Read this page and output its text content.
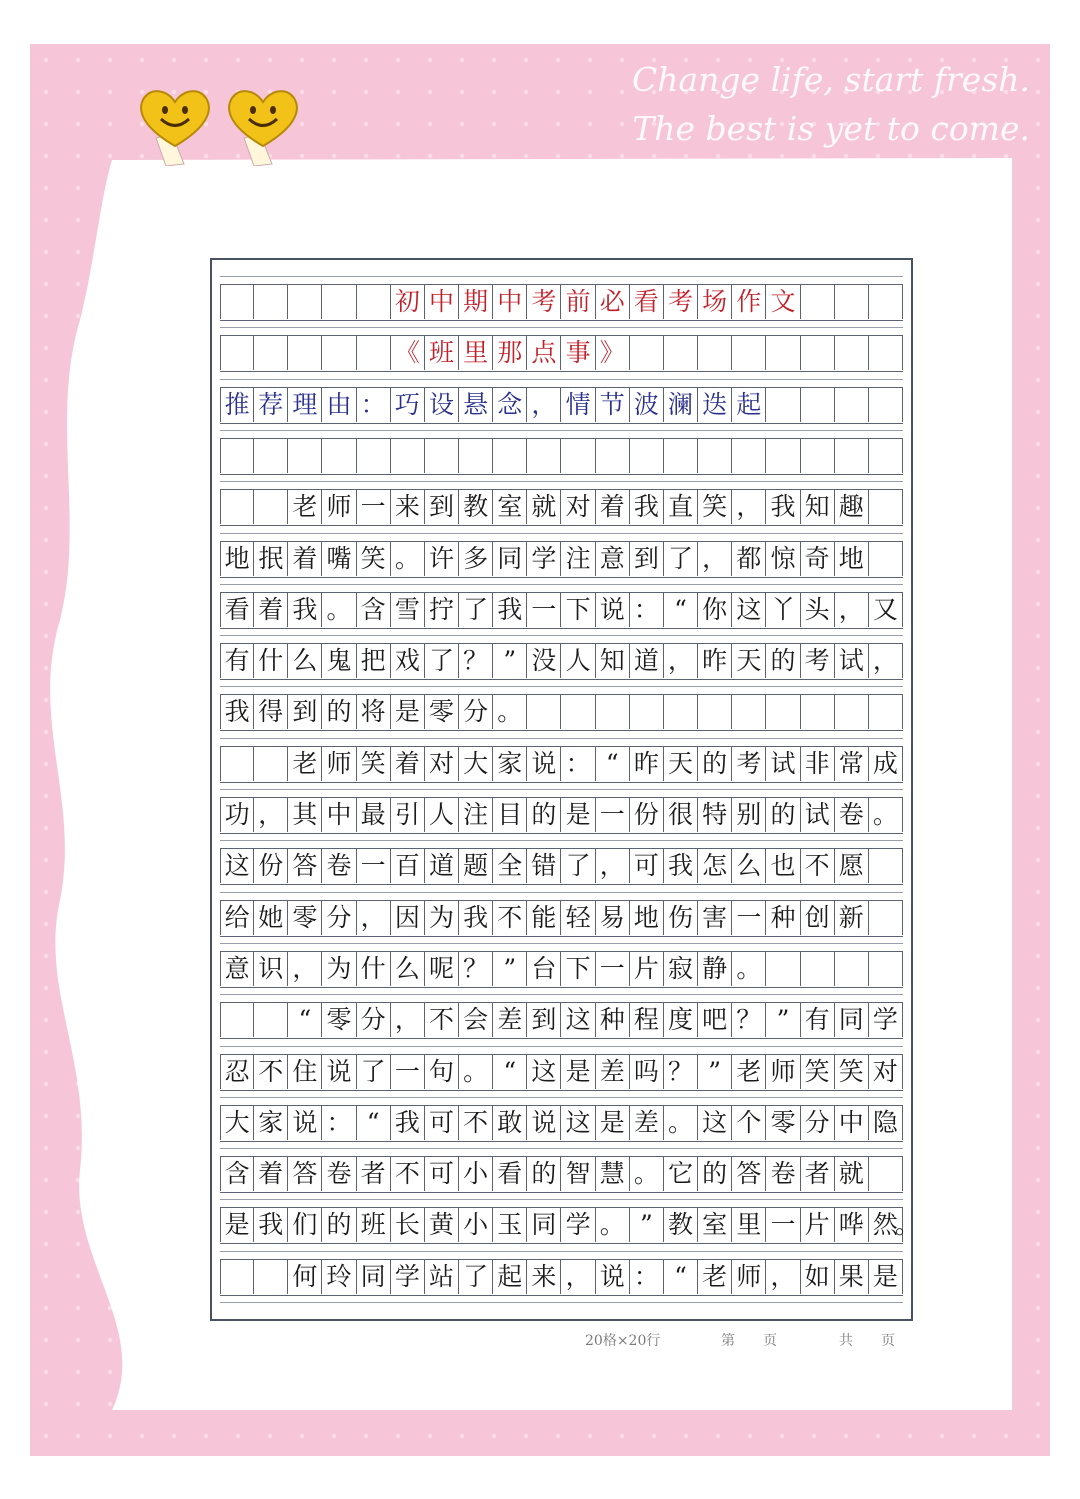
Change life, start fresh.
The best is yet to come.
初 中 期 中 考 前 必 看 考 场 作 文
《 班 里 那 点 事 》
推 荐 理 由 ： 巧 设 悬 念 ， 情 节 波 澜 迭 起
老 师 一 来 到 教 室 就 对 着 我 直 笑 ， 我 知 趣
地 抿 着 嘴 笑 。 许 多 同 学 注 意 到 了 ， 都 惊 奇 地
看 着 我 。 含 雪 拧 了 我 一 下 说 ： “ 你 这 丫 头 ， 又
有 什 么 鬼 把 戏 了 ？ ” 没 人 知 道 ， 昨 天 的 考 试 ，
我 得 到 的 将 是 零 分 。
老 师 笑 着 对 大 家 说 ： “ 昨 天 的 考 试 非 常 成
功 ， 其 中 最 引 人 注 目 的 是 一 份 很 特 别 的 试 卷 。
这 份 答 卷 一 百 道 题 全 错 了 ， 可 我 怎 么 也 不 愿
给 她 零 分 ， 因 为 我 不 能 轻 易 地 伤 害 一 种 创 新
意 识 ， 为 什 么 呢 ？ ” 台 下 一 片 寂 静 。
“ 零 分 ， 不 会 差 到 这 种 程 度 吧 ？ ” 有 同 学
忍 不 住 说 了 一 句 。 “ 这 是 差 吗 ？ ” 老 师 笑 笑 对
大 家 说 ： “ 我 可 不 敢 说 这 是 差 。 这 个 零 分 中 隐
含 着 答 卷 者 不 可 小 看 的 智 慧 。 它 的 答 卷 者 就
是 我 们 的 班 长 黄 小 玉 同 学 。 ” 教 室 里 一 片 哗 然
。
何 玲 同 学 站 了 起 来 ， 说 ： “ 老 师 ， 如 果 是
20格×20行	第　　页	共　　页
